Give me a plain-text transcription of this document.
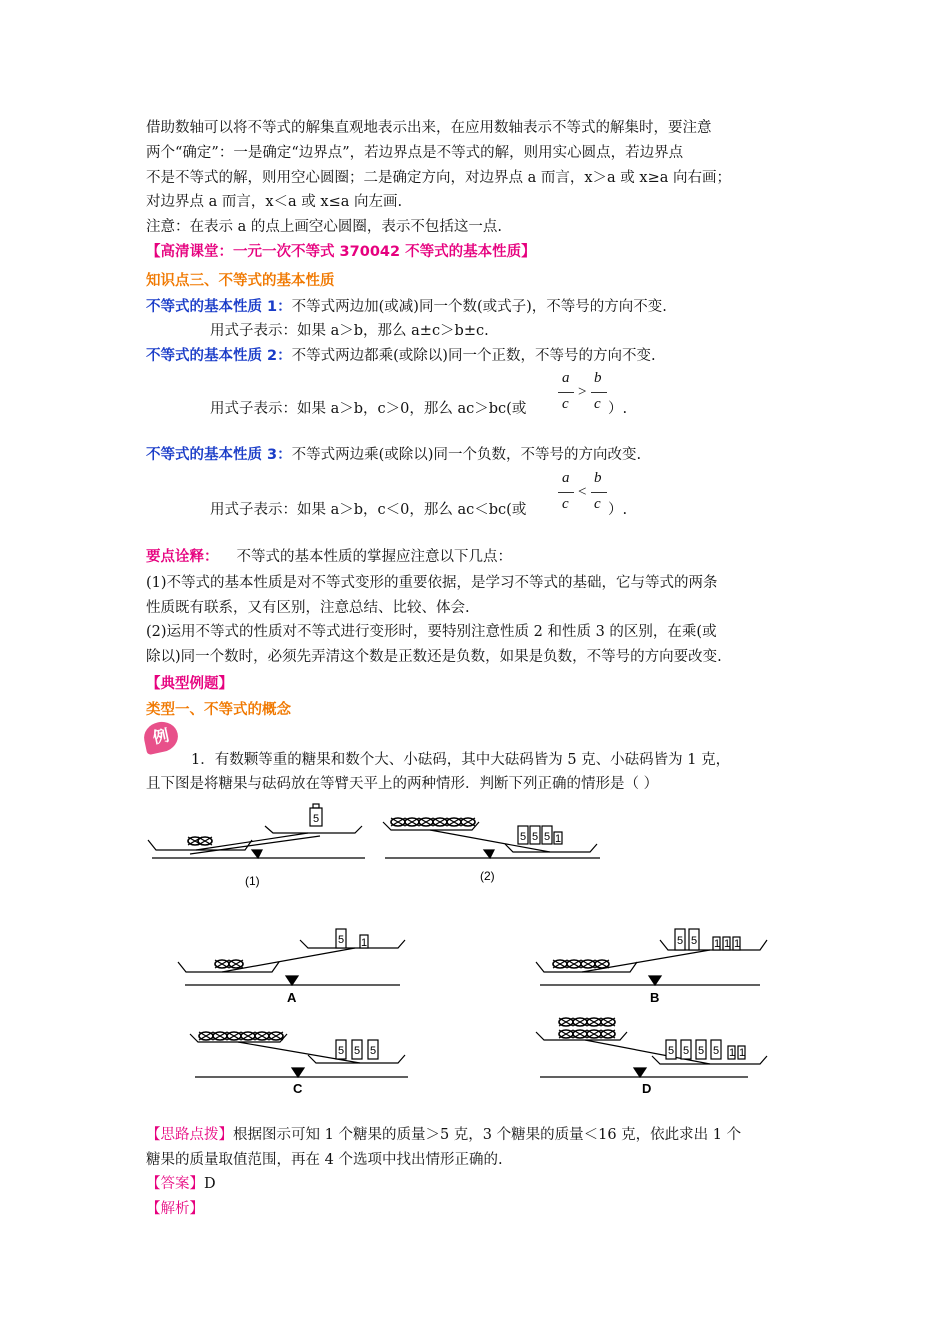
借助数轴可以将不等式的解集直观地表示出来，在应用数轴表示不等式的解集时，要注意
两个“确定”：一是确定“边界点”，若边界点是不等式的解，则用实心圆点，若边界点
不是不等式的解，则用空心圆圈；二是确定方向，对边界点 a 而言，x＞a 或 x≥a 向右画；
对边界点 a 而言，x＜a 或 x≤a 向左画.
注意：在表示 a 的点上画空心圆圈，表示不包括这一点.
【高清课堂：一元一次不等式 370042 不等式的基本性质】
知识点三、不等式的基本性质
不等式的基本性质 1：不等式两边加(或减)同一个数(或式子)，不等号的方向不变.
用式子表示：如果 a＞b，那么 a±c＞b±c.
不等式的基本性质 2：不等式两边都乘(或除以)同一个正数，不等号的方向不变.
用式子表示：如果 a＞b，c＞0，那么 ac＞bc(或
a
c
>
b
c ）.
不等式的基本性质 3：不等式两边乘(或除以)同一个负数，不等号的方向改变.
用式子表示：如果 a＞b，c＜0，那么 ac＜bc(或
a
c
<
b
c ）.
要点诠释： 不等式的基本性质的掌握应注意以下几点：
(1)不等式的基本性质是对不等式变形的重要依据，是学习不等式的基础，它与等式的两条
性质既有联系，又有区别，注意总结、比较、体会.
(2)运用不等式的性质对不等式进行变形时，要特别注意性质 2 和性质 3 的区别，在乘(或
除以)同一个数时，必须先弄清这个数是正数还是负数，如果是负数，不等号的方向要改变.
【典型例题】
类型一、不等式的概念
例
1．有数颗等重的糖果和数个大、小砝码，其中大砝码皆为 5 克、小砝码皆为 1 克，
且下图是将糖果与砝码放在等臂天平上的两种情形．判断下列正确的情形是（ ）
5
5 5 5 1
5 1	5 5 1 1 1
5 5 5	5 5 5 5 1 1
(1)	(2)
A	B
C	D
【思路点拨】根据图示可知 1 个糖果的质量＞5 克，3 个糖果的质量＜16 克，依此求出 1 个
糖果的质量取值范围，再在 4 个选项中找出情形正确的.
【答案】D
【解析】
